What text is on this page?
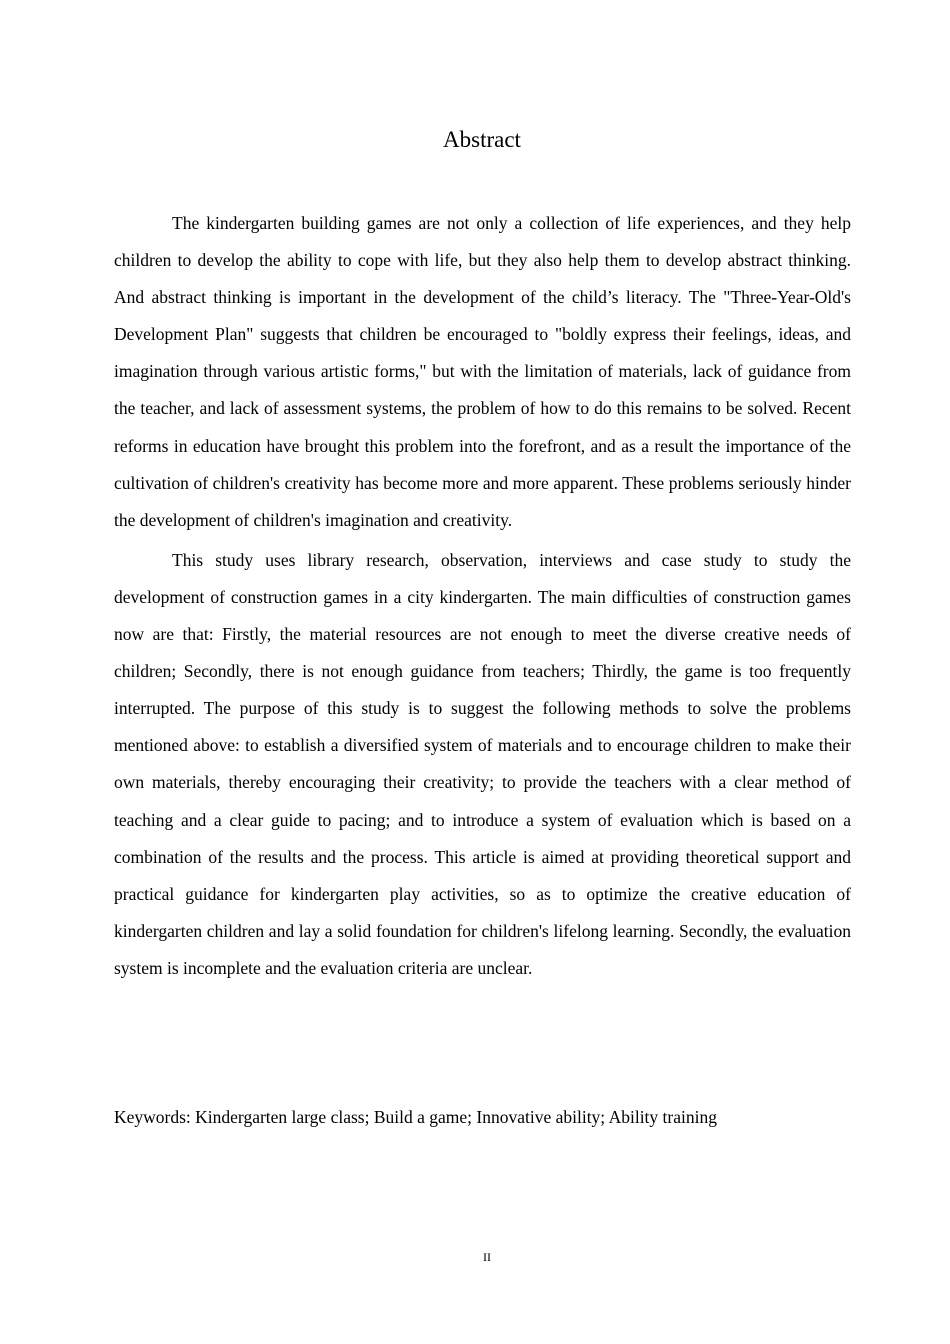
Abstract

The kindergarten building games are not only a collection of life experiences, and they help children to develop the ability to cope with life, but they also help them to develop abstract thinking. And abstract thinking is important in the development of the child’s literacy. The "Three-Year-Old's Development Plan" suggests that children be encouraged to "boldly express their feelings, ideas, and imagination through various artistic forms," but with the limitation of materials, lack of guidance from the teacher, and lack of assessment systems, the problem of how to do this remains to be solved. Recent reforms in education have brought this problem into the forefront, and as a result the importance of the cultivation of children's creativity has become more and more apparent. These problems seriously hinder the development of children's imagination and creativity.

This study uses library research, observation, interviews and case study to study the development of construction games in a city kindergarten. The main difficulties of construction games now are that: Firstly, the material resources are not enough to meet the diverse creative needs of children; Secondly, there is not enough guidance from teachers; Thirdly, the game is too frequently interrupted. The purpose of this study is to suggest the following methods to solve the problems mentioned above: to establish a diversified system of materials and to encourage children to make their own materials, thereby encouraging their creativity; to provide the teachers with a clear method of teaching and a clear guide to pacing; and to introduce a system of evaluation which is based on a combination of the results and the process. This article is aimed at providing theoretical support and practical guidance for kindergarten play activities, so as to optimize the creative education of kindergarten children and lay a solid foundation for children's lifelong learning. Secondly, the evaluation system is incomplete and the evaluation criteria are unclear.

Keywords: Kindergarten large class; Build a game; Innovative ability; Ability training

II
